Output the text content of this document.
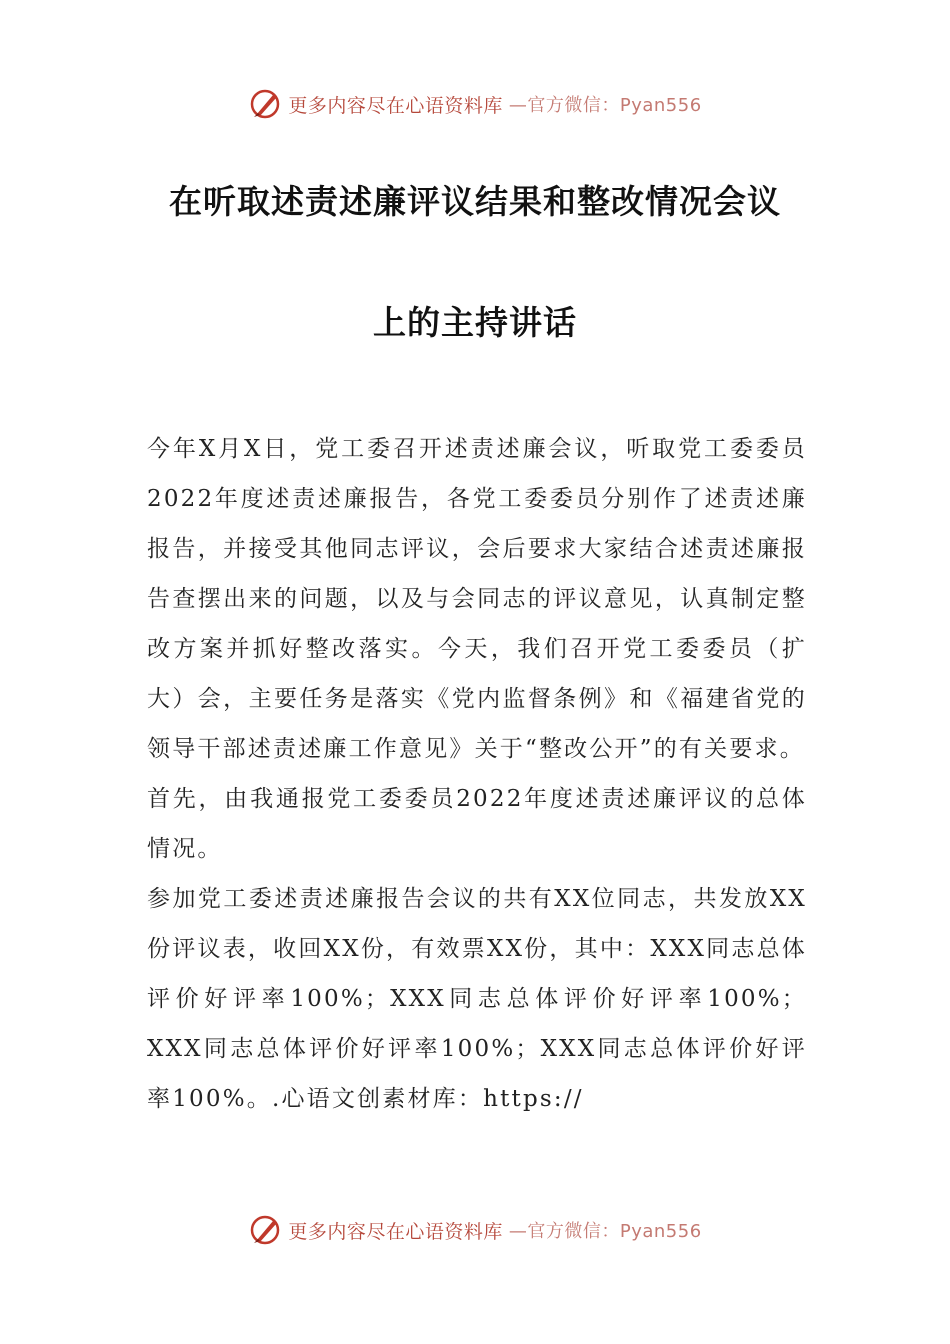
更多内容尽在心语资料库 —官方微信：Pyan556
在听取述责述廉评议结果和整改情况会议
上的主持讲话

今年X月X日，党工委召开述责述廉会议，听取党工委委员2022年度述责述廉报告，各党工委委员分别作了述责述廉报告，并接受其他同志评议，会后要求大家结合述责述廉报告查摆出来的问题，以及与会同志的评议意见，认真制定整改方案并抓好整改落实。今天，我们召开党工委委员（扩大）会，主要任务是落实《党内监督条例》和《福建省党的领导干部述责述廉工作意见》关于“整改公开”的有关要求。

首先，由我通报党工委委员2022年度述责述廉评议的总体情况。

参加党工委述责述廉报告会议的共有XX位同志，共发放XX份评议表，收回XX份，有效票XX份，其中：XXX同志总体评价好评率100%；XXX同志总体评价好评率100%；XXX同志总体评价好评率100%；XXX同志总体评价好评率100%。.心语文创素材库：https://

更多内容尽在心语资料库 —官方微信：Pyan556
